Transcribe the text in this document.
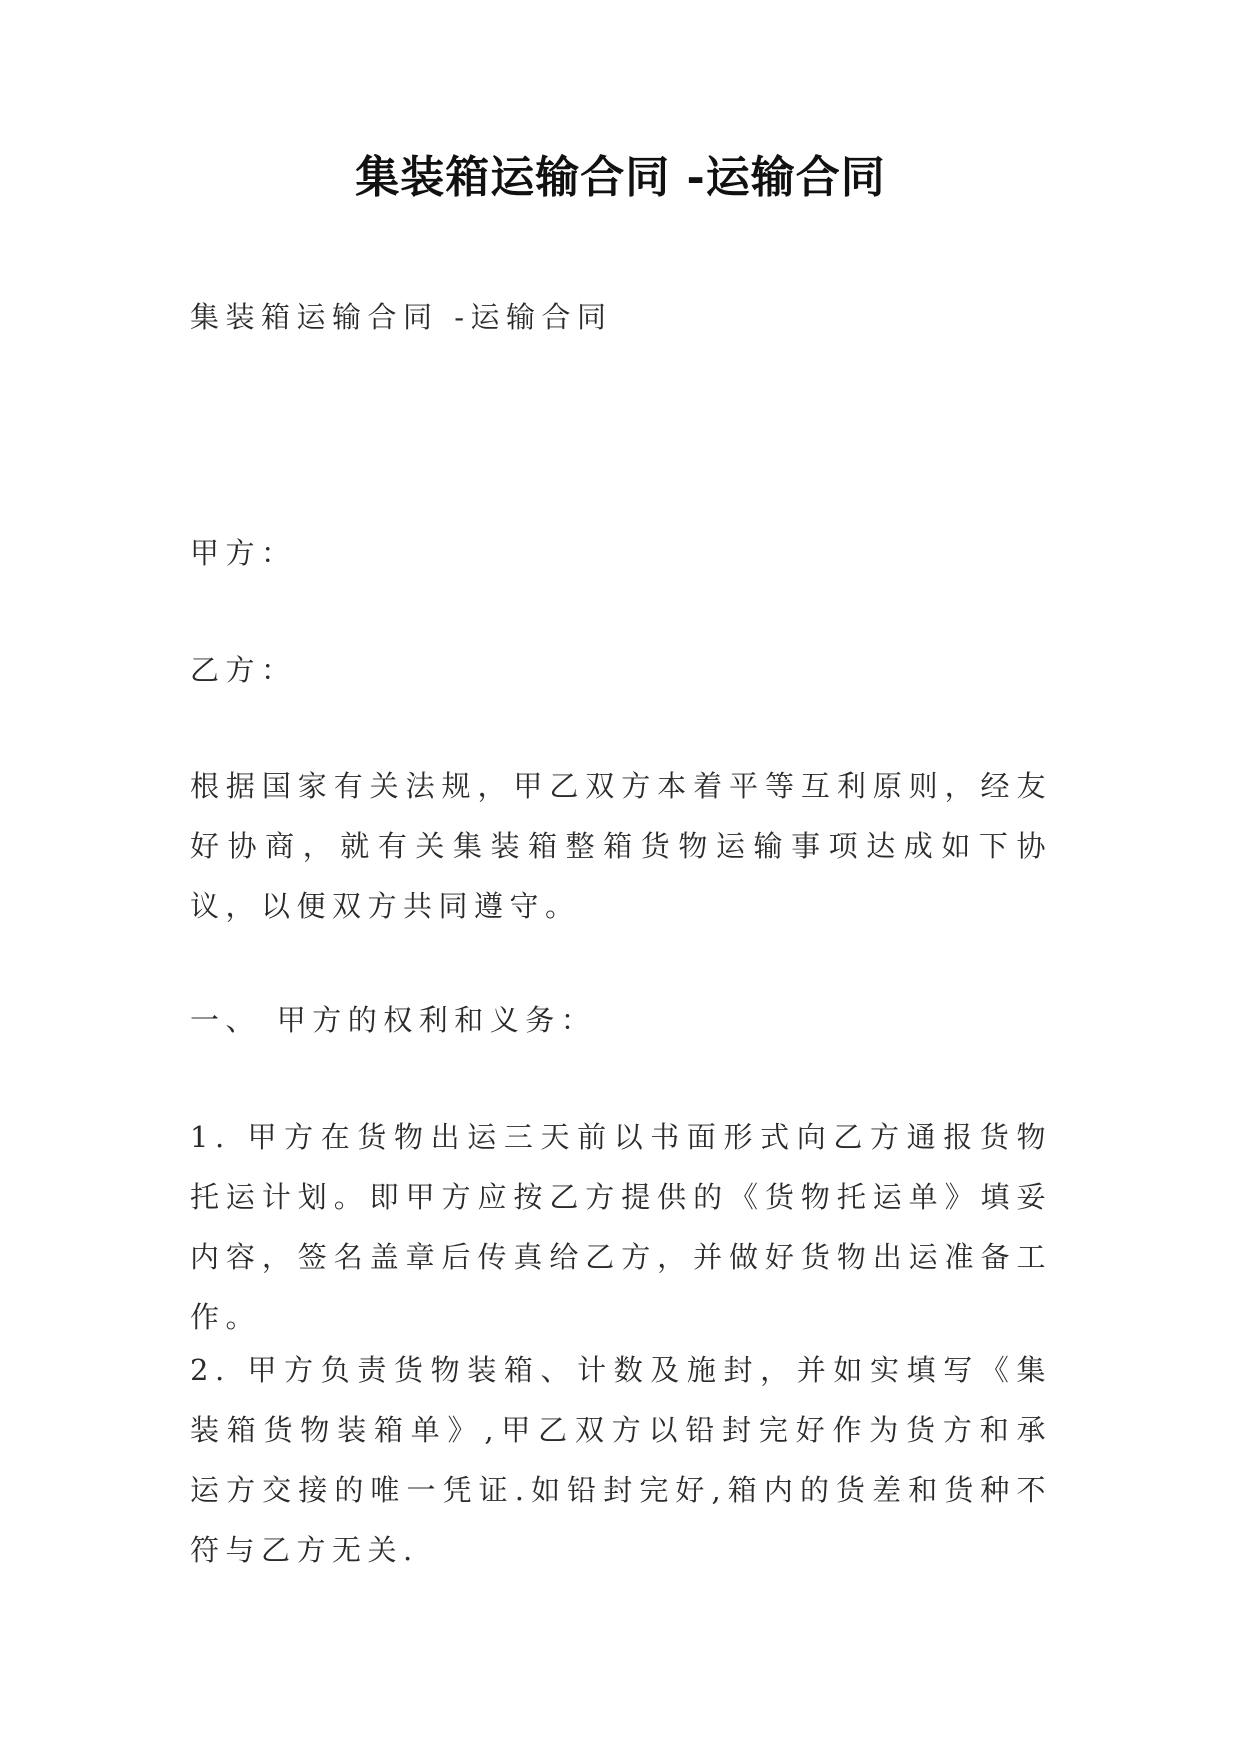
集装箱运输合同 -运输合同

集装箱运输合同 -运输合同

甲方：

乙方：

根据国家有关法规，甲乙双方本着平等互利原则，经友好协商，就有关集装箱整箱货物运输事项达成如下协议，以便双方共同遵守。

一、 甲方的权利和义务：

1. 甲方在货物出运三天前以书面形式向乙方通报货物托运计划。即甲方应按乙方提供的《货物托运单》填妥内容，签名盖章后传真给乙方，并做好货物出运准备工作。

2. 甲方负责货物装箱、计数及施封，并如实填写《集装箱货物装箱单》,甲乙双方以铅封完好作为货方和承运方交接的唯一凭证.如铅封完好,箱内的货差和货种不符与乙方无关.
